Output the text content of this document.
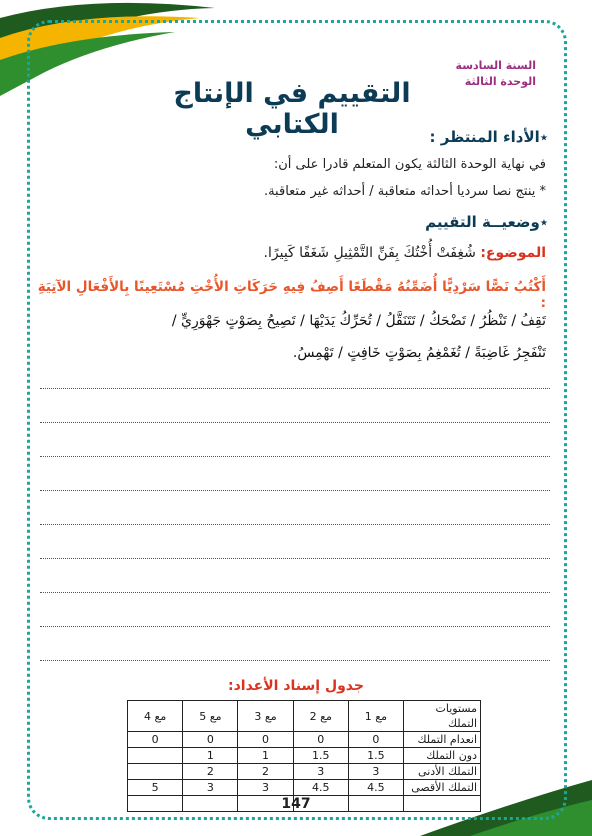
السنة السادسة
الوحدة الثالثة
التقييم في الإنتاج الكتابي	٭الأداء المنتظر :
في نهاية الوحدة الثالثة يكون المتعلم قادرا على أن:
* ينتج نصا سرديا أحداثه متعاقبة / أحداثه غير متعاقبة.
٭وضعيــة التقييم
الموضوع: شُغِفَتْ أُخْتُكَ بِفَنِّ التَّمْثِيلِ شَغَفًا كَبِيرًا.
أَكْتُبُ نَصًّا سَرْدِيًّا أُضَمِّنُهُ مَقْطَعًا أَصِفُ فِيهِ حَرَكَاتِ الأُخْتِ مُسْتَعِينًا بِالأَفْعَالِ الآتِيَةِ :
تَقِفُ / تَنْظُرُ / تَضْحَكُ / تَتَنَقَّلُ / تُحَرِّكُ يَدَيْهَا / تَصِيحُ بِصَوْتٍ جَهْوَرِيٍّ /
تَنْفَجِرُ غَاضِبَةً / تُغَمْغِمُ بِصَوْتٍ خَافِتٍ / تَهْمِسُ.
جدول إسناد الأعداد:
مستويات التملك	مع 1	مع 2	مع 3	مع 5	مع 4
انعدام التملك	0	0	0	0	0
دون التملك	1.5	1.5	1	1	
التملك الأدنى	3	3	2	2	
التملك الأقصى	4.5	4.5	3	3	5

147
